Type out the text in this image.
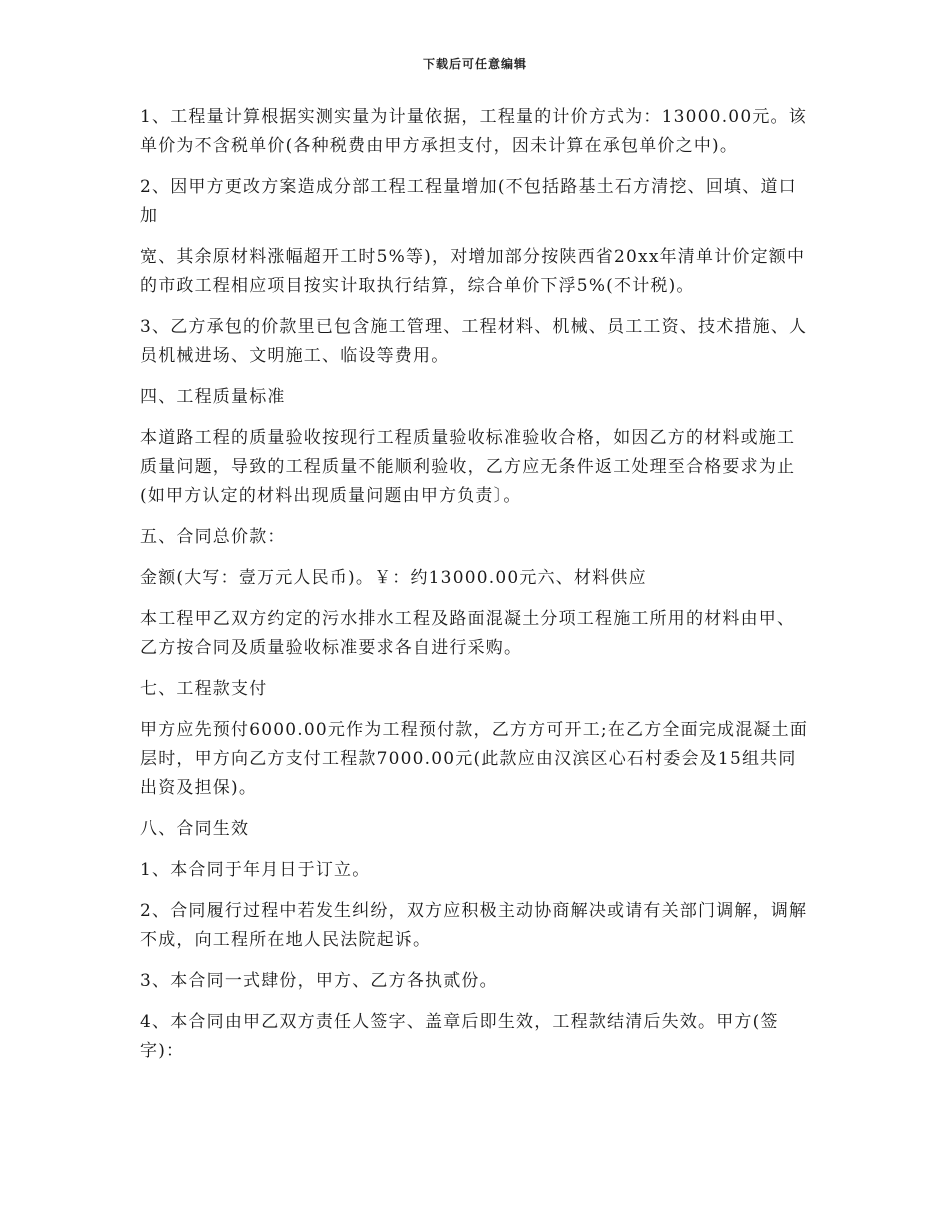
下载后可任意编辑

1、工程量计算根据实测实量为计量依据，工程量的计价方式为：13000.00元。该单价为不含税单价(各种税费由甲方承担支付，因未计算在承包单价之中)。

2、因甲方更改方案造成分部工程工程量增加(不包括路基土石方清挖、回填、道口加

宽、其余原材料涨幅超开工时5%等)，对增加部分按陕西省20xx年清单计价定额中的市政工程相应项目按实计取执行结算，综合单价下浮5%(不计税)。

3、乙方承包的价款里已包含施工管理、工程材料、机械、员工工资、技术措施、人员机械进场、文明施工、临设等费用。

四、工程质量标准

本道路工程的质量验收按现行工程质量验收标准验收合格，如因乙方的材料或施工质量问题，导致的工程质量不能顺利验收，乙方应无条件返工处理至合格要求为止(如甲方认定的材料出现质量问题由甲方负责〕。

五、合同总价款：

金额(大写：壹万元人民币)。￥：约13000.00元六、材料供应

本工程甲乙双方约定的污水排水工程及路面混凝土分项工程施工所用的材料由甲、乙方按合同及质量验收标准要求各自进行采购。

七、工程款支付

甲方应先预付6000.00元作为工程预付款，乙方方可开工;在乙方全面完成混凝土面层时，甲方向乙方支付工程款7000.00元(此款应由汉滨区心石村委会及15组共同出资及担保)。

八、合同生效

1、本合同于年月日于订立。

2、合同履行过程中若发生纠纷，双方应积极主动协商解决或请有关部门调解，调解不成，向工程所在地人民法院起诉。

3、本合同一式肆份，甲方、乙方各执贰份。

4、本合同由甲乙双方责任人签字、盖章后即生效，工程款结清后失效。甲方(签字)：
